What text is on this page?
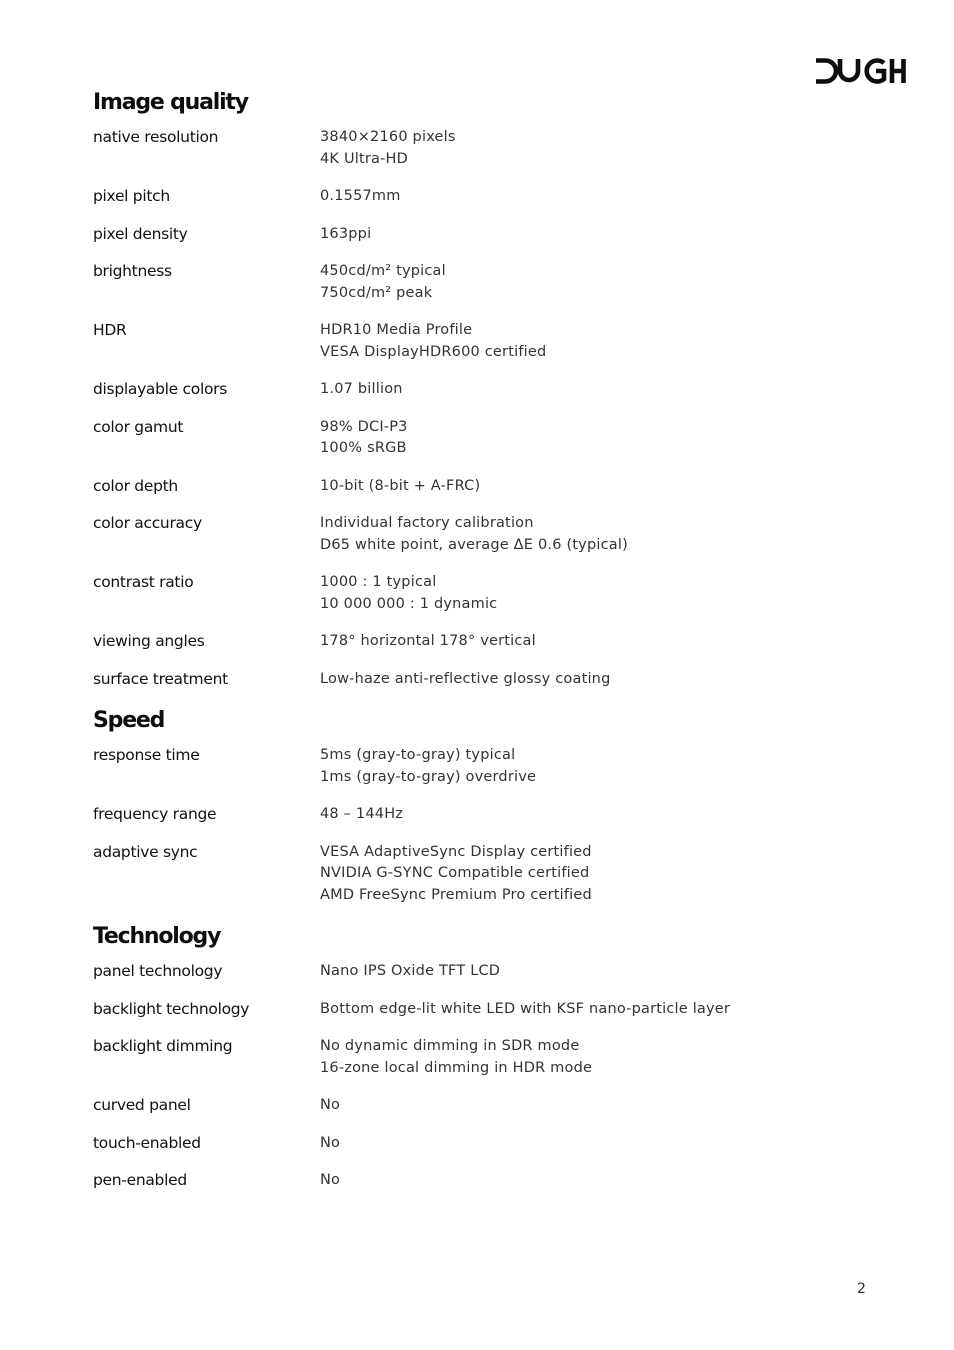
Image quality
native resolution	3840×2160 pixels
4K Ultra-HD
pixel pitch	0.1557mm
pixel density	163ppi
brightness	450cd/m² typical
750cd/m² peak
HDR	HDR10 Media Profile
VESA DisplayHDR600 certified
displayable colors	1.07 billion
color gamut	98% DCI-P3
100% sRGB
color depth	10-bit (8-bit + A-FRC)
color accuracy	Individual factory calibration
D65 white point, average ΔE 0.6 (typical)
contrast ratio	1000 : 1 typical
10 000 000 : 1 dynamic
viewing angles	178° horizontal 178° vertical
surface treatment	Low-haze anti-reflective glossy coating
Speed
response time	5ms (gray-to-gray) typical
1ms (gray-to-gray) overdrive
frequency range	48 – 144Hz
adaptive sync	VESA AdaptiveSync Display certified
NVIDIA G-SYNC Compatible certified
AMD FreeSync Premium Pro certified
Technology
panel technology	Nano IPS Oxide TFT LCD
backlight technology	Bottom edge-lit white LED with KSF nano-particle layer
backlight dimming	No dynamic dimming in SDR mode
16-zone local dimming in HDR mode
curved panel	No
touch-enabled	No
pen-enabled	No
2
